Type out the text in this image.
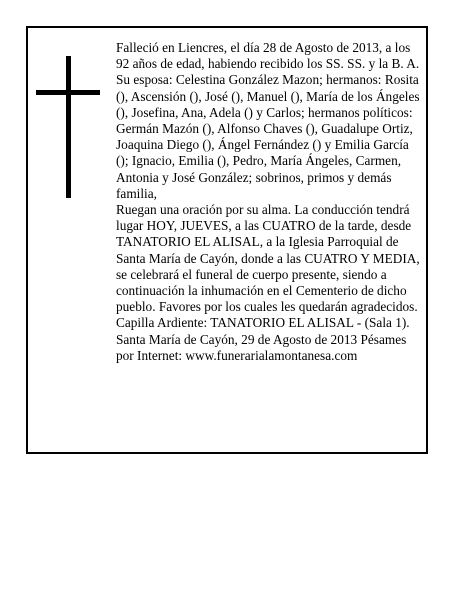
Falleció en Liencres, el día 28 de Agosto de 2013, a los 92 años de edad, habiendo recibido los SS. SS. y la B. A.

Su esposa: Celestina González Mazon; hermanos: Rosita (), Ascensión (), José (), Manuel (), María de los Ángeles (), Josefina, Ana, Adela () y Carlos; hermanos políticos: Germán Mazón (), Alfonso Chaves (), Guadalupe Ortiz, Joaquina Diego (), Ángel Fernández () y Emilia García (); Ignacio, Emilia (), Pedro, María Ángeles, Carmen, Antonia y José González; sobrinos, primos y demás familia,

Ruegan una oración por su alma. La conducción tendrá lugar HOY, JUEVES, a las CUATRO de la tarde, desde TANATORIO EL ALISAL, a la Iglesia Parroquial de Santa María de Cayón, donde a las CUATRO Y MEDIA, se celebrará el funeral de cuerpo presente, siendo a continuación la inhumación en el Cementerio de dicho pueblo. Favores por los cuales les quedarán agradecidos. Capilla Ardiente: TANATORIO EL ALISAL - (Sala 1).

Santa María de Cayón, 29 de Agosto de 2013 Pésames por Internet: www.funerarialamontanesa.com
